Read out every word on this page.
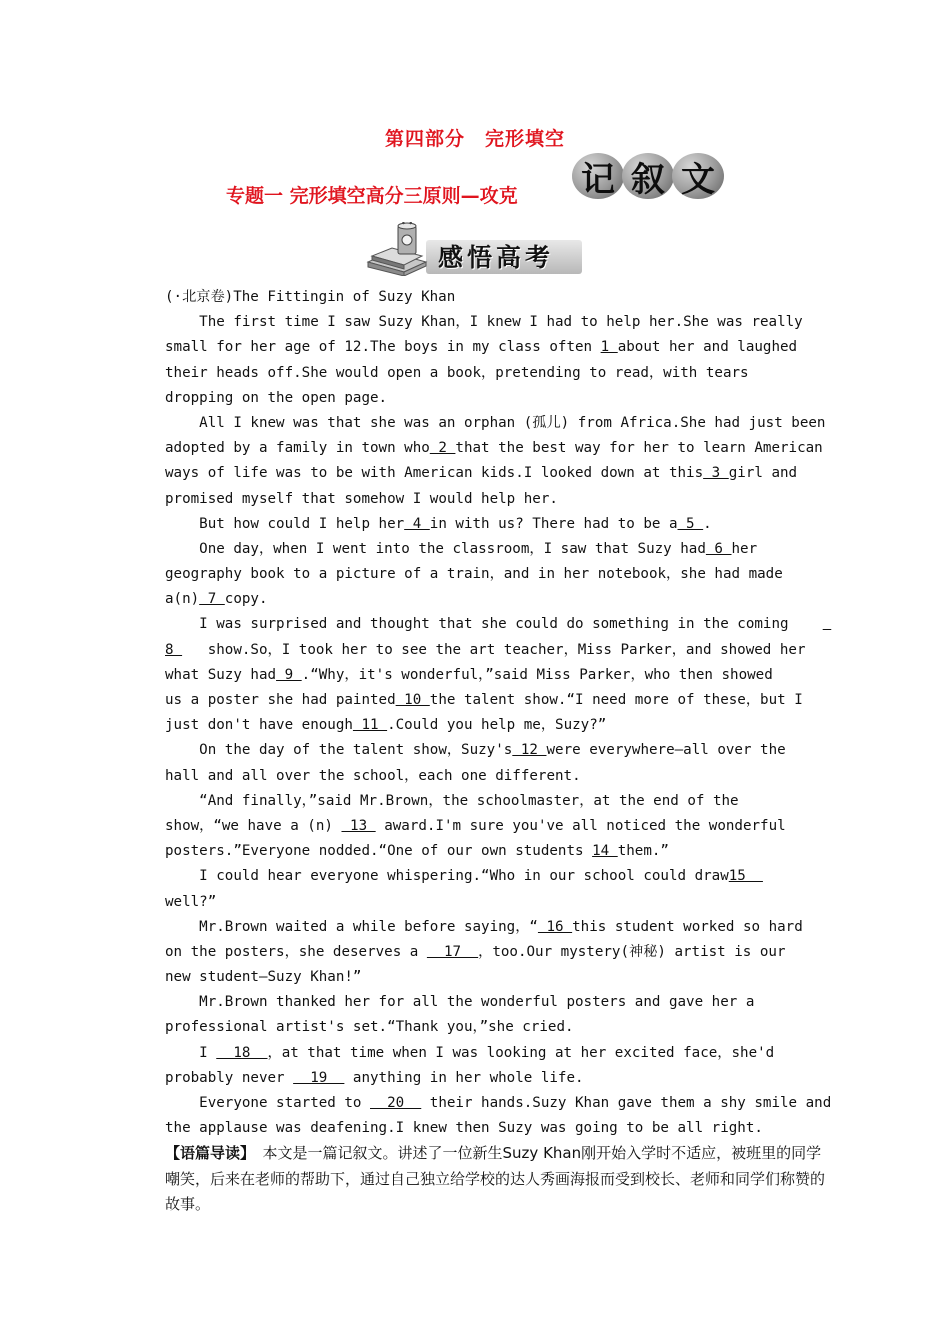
第四部分　完形填空
专题一 完形填空高分三原则—攻克 记 叙 文
感悟高考
(·北京卷)The Fittingin of Suzy Khan
The first time I saw Suzy Khan，I knew I had to help her.She was really
small for her age of 12.The boys in my class often 1 about her and laughed
their heads off.She would open a book，pretending to read，with tears
dropping on the open page.
All I knew was that she was an orphan (孤儿) from Africa.She had just been
adopted by a family in town who 2 that the best way for her to learn American
ways of life was to be with American kids.I looked down at this 3 girl and
promised myself that somehow I would help her.
But how could I help her 4 in with us? There had to be a 5 .
One day，when I went into the classroom，I saw that Suzy had 6 her
geography book to a picture of a train，and in her notebook，she had made
a(n) 7 copy.
I was surprised and thought that she could do something in the coming
8    show.So，I took her to see the art teacher，Miss Parker，and showed her
what Suzy had 9 .“Why，it's wonderful，”said Miss Parker，who then showed
us a poster she had painted 10 the talent show.“I need more of these，but I
just don't have enough 11 .Could you help me，Suzy?”
On the day of the talent show，Suzy's 12 were everywhere—all over the
hall and all over the school，each one different.
“And finally，”said Mr.Brown，the schoolmaster，at the end of the
show，“we have a (n)  13  award.I'm sure you've all noticed the wonderful
posters.”Everyone nodded.“One of our own students 14 them.”
I could hear everyone whispering.“Who in our school could draw15
well?”
Mr.Brown waited a while before saying，“ 16 this student worked so hard
on the posters，she deserves a   17  ，too.Our mystery(神秘) artist is our
new student—Suzy Khan!”
Mr.Brown thanked her for all the wonderful posters and gave her a
professional artist's set.“Thank you，”she cried.
I   18  ，at that time when I was looking at her excited face，she'd
probably never   19   anything in her whole life.
Everyone started to   20   their hands.Suzy Khan gave them a shy smile and
the applause was deafening.I knew then Suzy was going to be all right.
【语篇导读】　本文是一篇记叙文。讲述了一位新生Suzy Khan刚开始入学时不适应，被班里的同学嘲笑，后来在老师的帮助下，通过自己独立给学校的达人秀画海报而受到校长、老师和同学们称赞的故事。
